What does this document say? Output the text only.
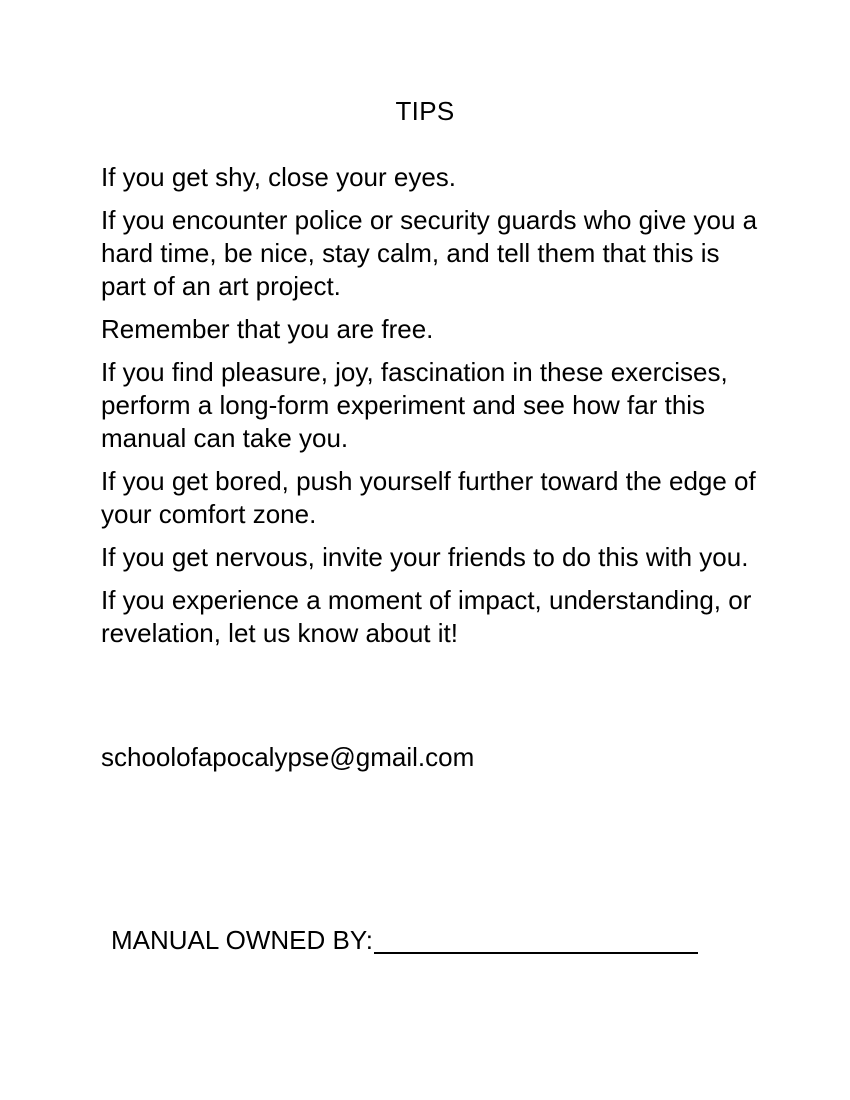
TIPS

If you get shy, close your eyes.

If you encounter police or security guards who give you a hard time, be nice, stay calm, and tell them that this is part of an art project.

Remember that you are free.

If you find pleasure, joy, fascination in these exercises, perform a long-form experiment and see how far this manual can take you.

If you get bored, push yourself further toward the edge of your comfort zone.

If you get nervous, invite your friends to do this with you.

If you experience a moment of impact, understanding, or revelation, let us know about it!

schoolofapocalypse@gmail.com
MANUAL OWNED BY:
